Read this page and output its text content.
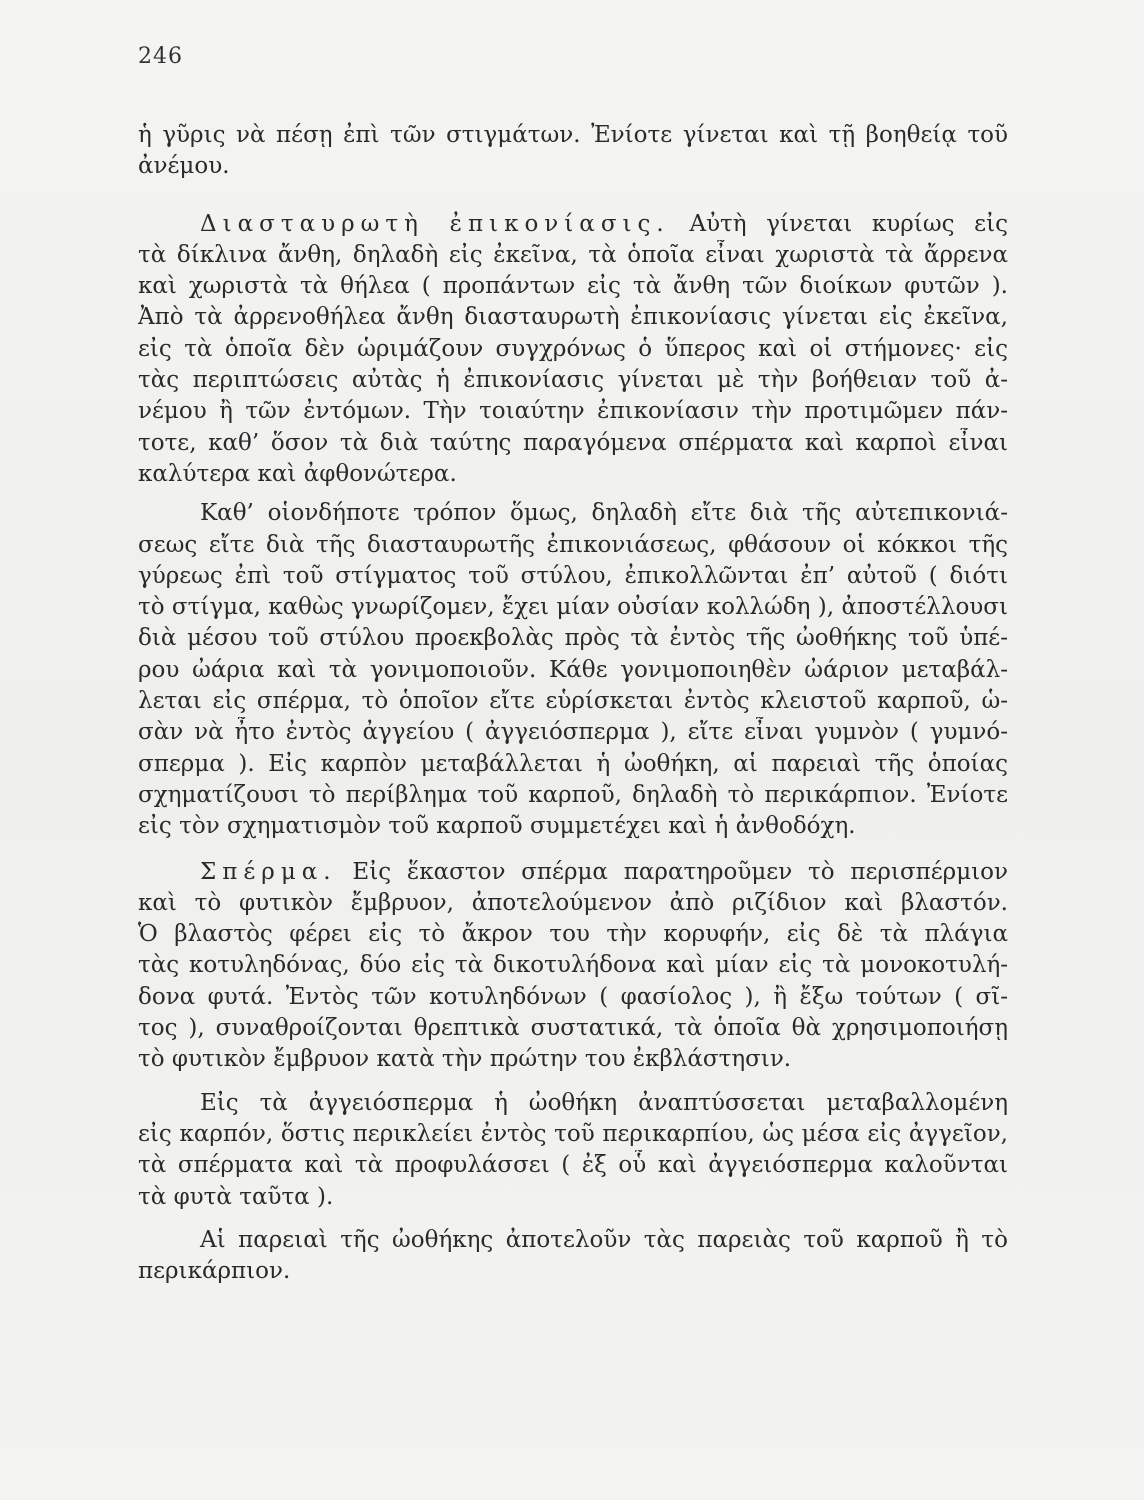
246
ἡ γῦρις νὰ πέσῃ ἐπὶ τῶν στιγμάτων. Ἐνίοτε γίνεται καὶ τῇ βοηθείᾳ τοῦ
ἀνέμου.
Διασταυρωτὴ ἐπικονίασις. Αὐτὴ γίνεται κυρίως εἰς
τὰ δίκλινα ἄνθη, δηλαδὴ εἰς ἐκεῖνα, τὰ ὁποῖα εἶναι χωριστὰ τὰ ἄρρενα
καὶ χωριστὰ τὰ θήλεα ( προπάντων εἰς τὰ ἄνθη τῶν διοίκων φυτῶν ).
Ἀπὸ τὰ ἀρρενοθήλεα ἄνθη διασταυρωτὴ ἐπικονίασις γίνεται εἰς ἐκεῖνα,
εἰς τὰ ὁποῖα δὲν ὡριμάζουν συγχρόνως ὁ ὕπερος καὶ οἱ στήμονες· εἰς
τὰς περιπτώσεις αὐτὰς ἡ ἐπικονίασις γίνεται μὲ τὴν βοήθειαν τοῦ ἀ-
νέμου ἢ τῶν ἐντόμων. Τὴν τοιαύτην ἐπικονίασιν τὴν προτιμῶμεν πάν-
τοτε, καθ’ ὅσον τὰ διὰ ταύτης παραγόμενα σπέρματα καὶ καρποὶ εἶναι
καλύτερα καὶ ἀφθονώτερα.
Καθ’ οἱονδήποτε τρόπον ὅμως, δηλαδὴ εἴτε διὰ τῆς αὐτεπικονιά-
σεως εἴτε διὰ τῆς διασταυρωτῆς ἐπικονιάσεως, φθάσουν οἱ κόκκοι τῆς
γύρεως ἐπὶ τοῦ στίγματος τοῦ στύλου, ἐπικολλῶνται ἐπ’ αὐτοῦ ( διότι
τὸ στίγμα, καθὼς γνωρίζομεν, ἔχει μίαν οὐσίαν κολλώδη ), ἀποστέλλουσι
διὰ μέσου τοῦ στύλου προεκβολὰς πρὸς τὰ ἐντὸς τῆς ὠοθήκης τοῦ ὑπέ-
ρου ὠάρια καὶ τὰ γονιμοποιοῦν. Κάθε γονιμοποιηθὲν ὠάριον μεταβάλ-
λεται εἰς σπέρμα, τὸ ὁποῖον εἴτε εὑρίσκεται ἐντὸς κλειστοῦ καρποῦ, ὡ-
σὰν νὰ ἦτο ἐντὸς ἀγγείου ( ἀγγειόσπερμα ), εἴτε εἶναι γυμνὸν ( γυμνό-
σπερμα ). Εἰς καρπὸν μεταβάλλεται ἡ ὠοθήκη, αἱ παρειαὶ τῆς ὁποίας
σχηματίζουσι τὸ περίβλημα τοῦ καρποῦ, δηλαδὴ τὸ περικάρπιον. Ἐνίοτε
εἰς τὸν σχηματισμὸν τοῦ καρποῦ συμμετέχει καὶ ἡ ἀνθοδόχη.
Σπέρμα. Εἰς ἕκαστον σπέρμα παρατηροῦμεν τὸ περισπέρμιον
καὶ τὸ φυτικὸν ἔμβρυον, ἀποτελούμενον ἀπὸ ριζίδιον καὶ βλαστόν.
Ὁ βλαστὸς φέρει εἰς τὸ ἄκρον του τὴν κορυφήν, εἰς δὲ τὰ πλάγια
τὰς κοτυληδόνας, δύο εἰς τὰ δικοτυλήδονα καὶ μίαν εἰς τὰ μονοκοτυλή-
δονα φυτά. Ἐντὸς τῶν κοτυληδόνων ( φασίολος ), ἢ ἔξω τούτων ( σῖ-
τος ), συναθροίζονται θρεπτικὰ συστατικά, τὰ ὁποῖα θὰ χρησιμοποιήσῃ
τὸ φυτικὸν ἔμβρυον κατὰ τὴν πρώτην του ἐκβλάστησιν.
Εἰς τὰ ἀγγειόσπερμα ἡ ὠοθήκη ἀναπτύσσεται μεταβαλλομένη
εἰς καρπόν, ὅστις περικλείει ἐντὸς τοῦ περικαρπίου, ὡς μέσα εἰς ἀγγεῖον,
τὰ σπέρματα καὶ τὰ προφυλάσσει ( ἐξ οὗ καὶ ἀγγειόσπερμα καλοῦνται
τὰ φυτὰ ταῦτα ).
Αἱ παρειαὶ τῆς ὠοθήκης ἀποτελοῦν τὰς παρειὰς τοῦ καρποῦ ἢ τὸ
περικάρπιον.
